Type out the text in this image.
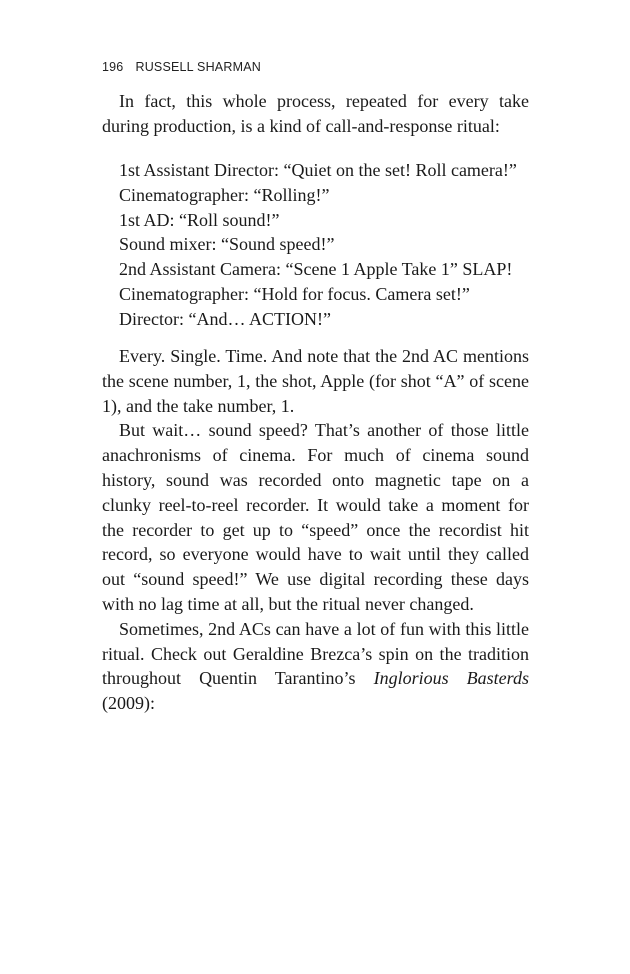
196 RUSSELL SHARMAN

In fact, this whole process, repeated for every take during production, is a kind of call-and-response ritual:

1st Assistant Director: “Quiet on the set! Roll camera!”
Cinematographer: “Rolling!”
1st AD: “Roll sound!”
Sound mixer: “Sound speed!”
2nd Assistant Camera: “Scene 1 Apple Take 1” SLAP!
Cinematographer: “Hold for focus. Camera set!”
Director: “And… ACTION!”

Every. Single. Time. And note that the 2nd AC mentions the scene number, 1, the shot, Apple (for shot “A” of scene 1), and the take number, 1.

But wait… sound speed? That’s another of those little anachronisms of cinema. For much of cinema sound history, sound was recorded onto magnetic tape on a clunky reel-to-reel recorder. It would take a moment for the recorder to get up to “speed” once the recordist hit record, so everyone would have to wait until they called out “sound speed!” We use digital recording these days with no lag time at all, but the ritual never changed.

Sometimes, 2nd ACs can have a lot of fun with this little ritual. Check out Geraldine Brezca’s spin on the tradition throughout Quentin Tarantino’s Inglorious Basterds (2009):
